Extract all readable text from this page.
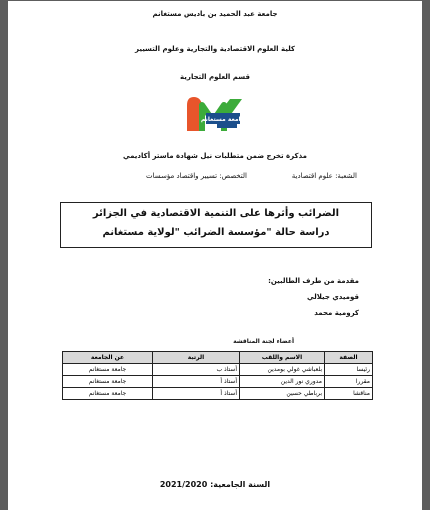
جامعة عبد الحميد بن باديس مستغانم
كلية العلوم الاقتصادية والتجارية وعلوم التسيير
قسم العلوم التجارية
جامعة مستغانم
مذكرة تخرج ضمن متطلبات نيل شهادة ماستر أكاديمي
الشعبة: علوم اقتصادية
التخصص: تسيير واقتصاد مؤسسات
الضرائب وأثرها على التنمية الاقتصادية في الجزائر
دراسة حالة "مؤسسة الضرائب "لولاية مستغانم
مقدمة من طرف الطالبين:
قوميدي جيلالي
كرومية محمد
أعضاء لجنة المناقشة
الصفة	الاسم واللقب	الرتبة	عن الجامعة
رئيسا	بلعباشي غولي بومدين	أستاذ ب	جامعة مستغانم
مقررا	مدوري نور الدين	أستاذ أ	جامعة مستغانم
مناقشا	برباطي حسين	أستاذ أ	جامعة مستغانم
السنة الجامعية: 2021/2020
